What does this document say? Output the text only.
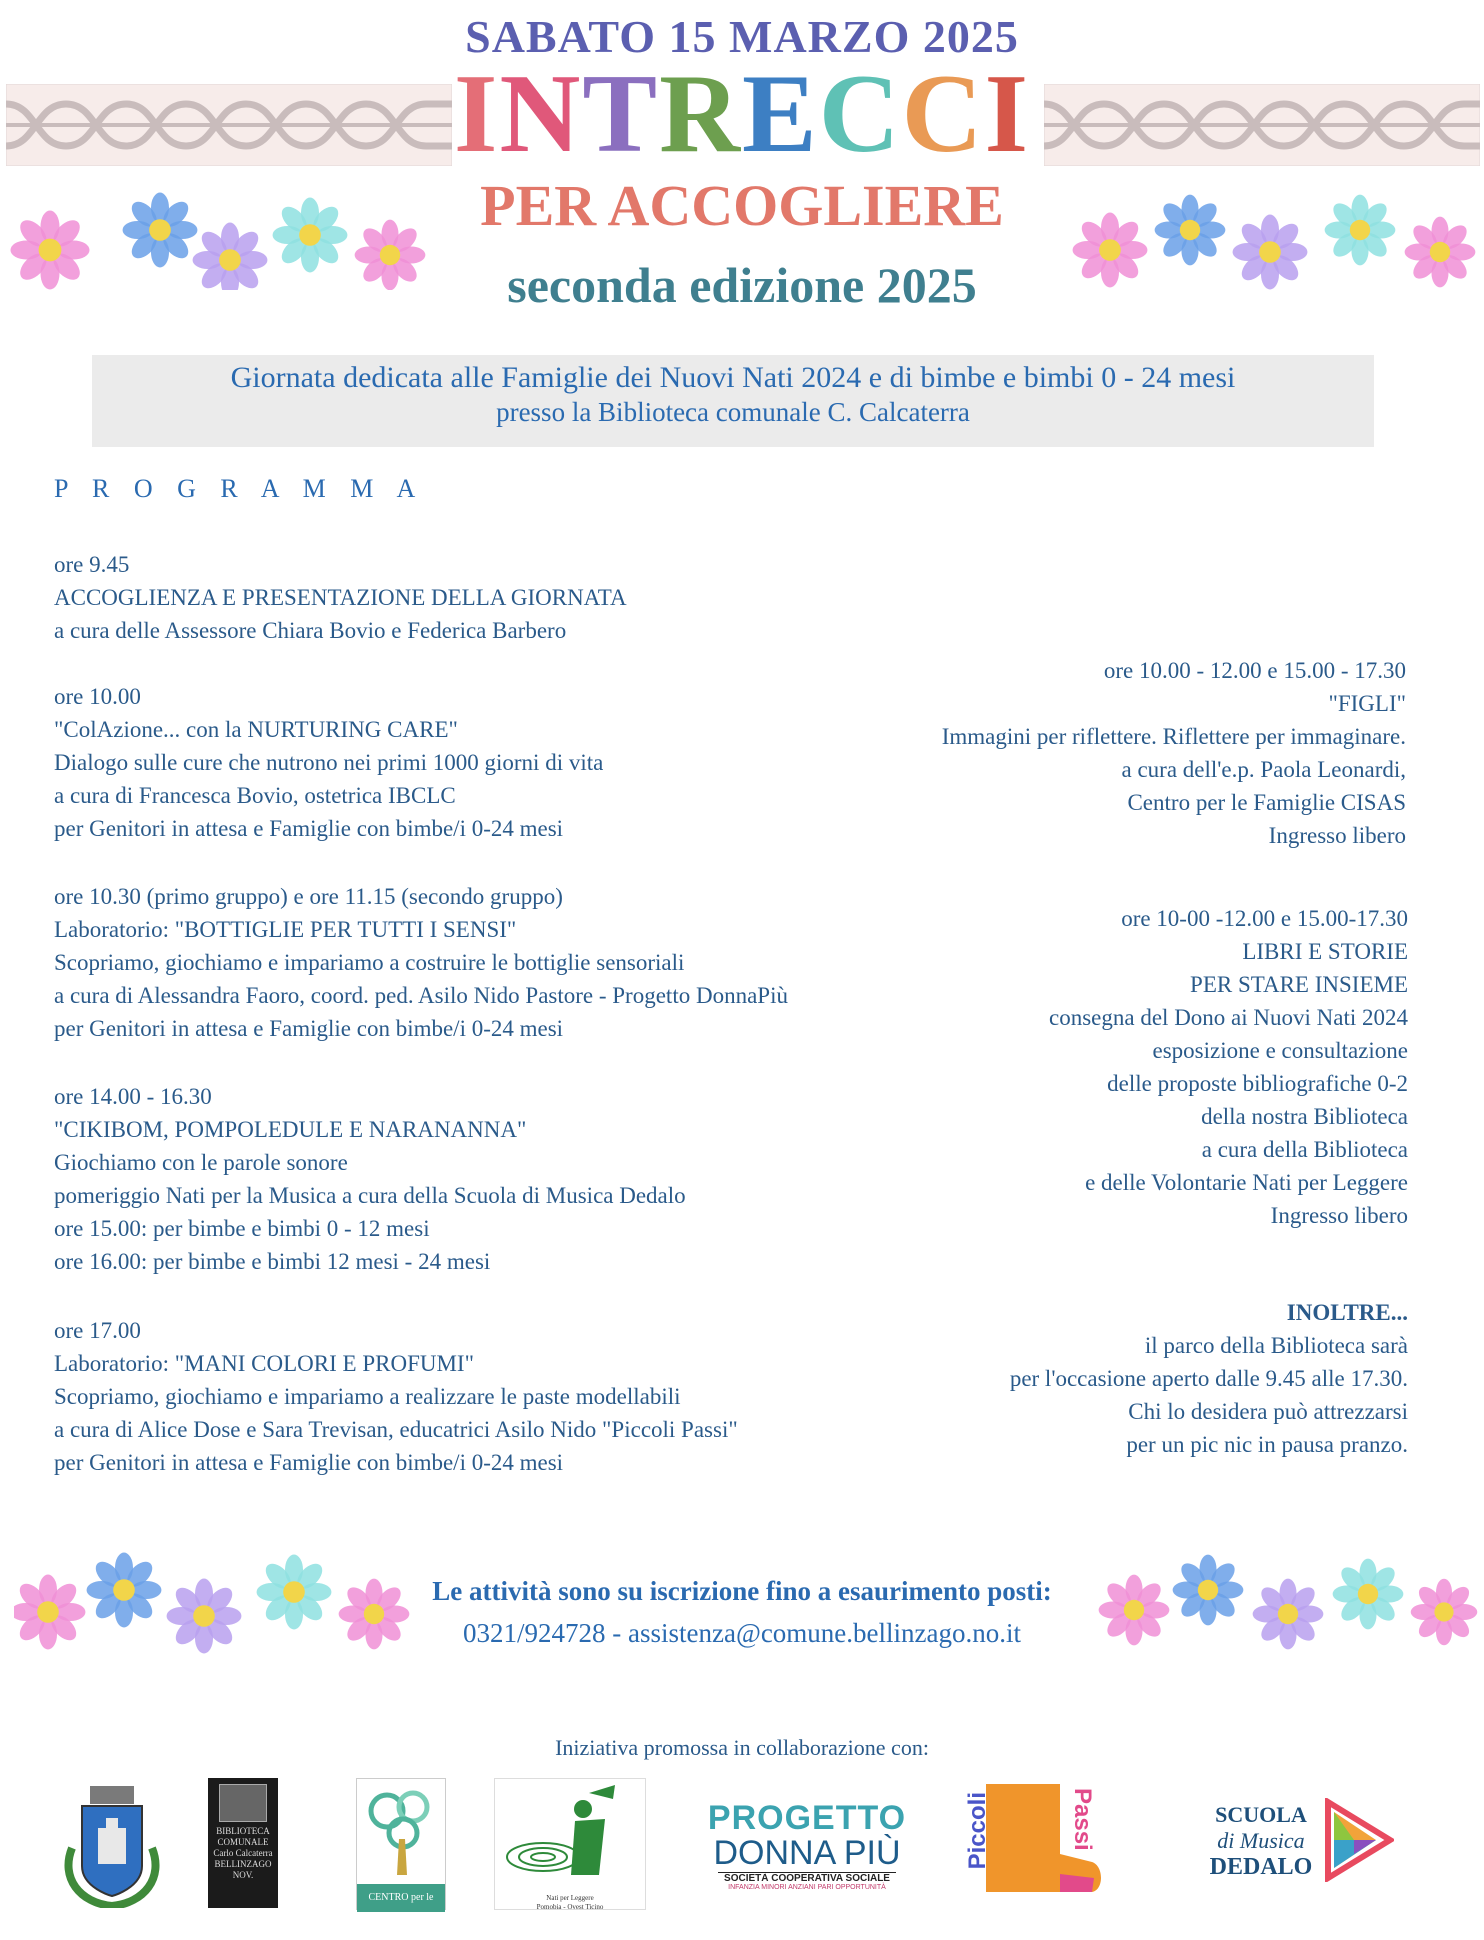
SABATO 15 MARZO 2025
INTRECCI
PER ACCOGLIERE
seconda edizione 2025
Giornata dedicata alle Famiglie dei Nuovi Nati 2024 e di bimbe e bimbi 0 - 24 mesi
presso la Biblioteca comunale C. Calcaterra
P R O G R A M M A
ore 9.45
ACCOGLIENZA E PRESENTAZIONE DELLA GIORNATA
a cura delle Assessore Chiara Bovio e Federica Barbero
ore 10.00
"ColAzione... con la NURTURING CARE"
Dialogo sulle cure che nutrono nei primi 1000 giorni di vita
a cura di Francesca Bovio, ostetrica IBCLC
per Genitori in attesa e Famiglie con bimbe/i 0-24 mesi
ore 10.30 (primo gruppo) e ore 11.15 (secondo gruppo)
Laboratorio: "BOTTIGLIE PER TUTTI I SENSI"
Scopriamo, giochiamo e impariamo a costruire le bottiglie sensoriali
a cura di Alessandra Faoro, coord. ped. Asilo Nido Pastore - Progetto DonnaPiù
per Genitori in attesa e Famiglie con bimbe/i 0-24 mesi
ore 14.00 - 16.30
"CIKIBOM, POMPOLEDULE E NARANANNA"
Giochiamo con le parole sonore
pomeriggio Nati per la Musica a cura della Scuola di Musica Dedalo
ore 15.00: per bimbe e bimbi 0 - 12 mesi
ore 16.00: per bimbe e bimbi 12 mesi - 24 mesi
ore 17.00
Laboratorio: "MANI COLORI E PROFUMI"
Scopriamo, giochiamo e impariamo a realizzare le paste modellabili
a cura di Alice Dose e Sara Trevisan, educatrici Asilo Nido "Piccoli Passi"
per Genitori in attesa e Famiglie con bimbe/i 0-24 mesi
ore 10.00 - 12.00 e 15.00 - 17.30
"FIGLI"
Immagini per riflettere. Riflettere per immaginare.
a cura dell'e.p. Paola Leonardi,
Centro per le Famiglie CISAS
Ingresso libero
ore 10-00 -12.00 e 15.00-17.30
LIBRI E STORIE
PER STARE INSIEME
consegna del Dono ai Nuovi Nati 2024
esposizione e consultazione
delle proposte bibliografiche 0-2
della nostra Biblioteca
a cura della Biblioteca
e delle Volontarie Nati per Leggere
Ingresso libero
INOLTRE...
il parco della Biblioteca sarà
per l'occasione aperto dalle 9.45 alle 17.30.
Chi lo desidera può attrezzarsi
per un pic nic in pausa pranzo.
Le attività sono su iscrizione fino a esaurimento posti:
0321/924728 - assistenza@comune.bellinzago.no.it
Iniziativa promossa in collaborazione con:
BIBLIOTECA
COMUNALE
Carlo Calcaterra
BELLINZAGO NOV.
CENTRO per le FAMIGLIE
Nati per Leggere
Pomobia - Ovest Ticino
PROGETTO
DONNA PIÙ
SOCIETÀ COOPERATIVA SOCIALE
INFANZIA MINORI ANZIANI PARI OPPORTUNITÀ
Piccoli	Passi	SCUOLA
di Musica
DEDALO
